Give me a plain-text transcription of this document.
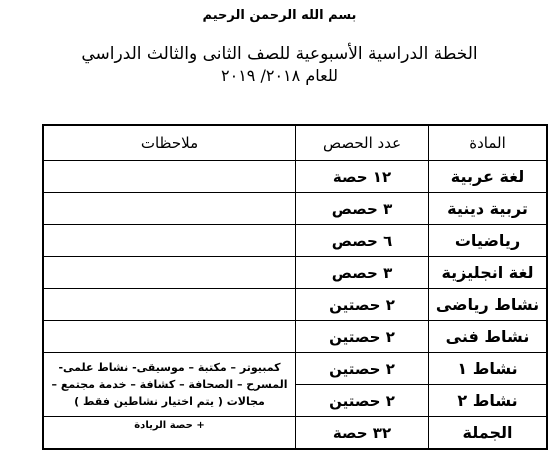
بسم الله الرحمن الرحيم
الخطة الدراسية الأسبوعية للصف الثانى والثالث الدراسي
للعام ٢٠١٨/ ٢٠١٩
المادة	عدد الحصص	ملاحظات
لغة عربية	١٢ حصة	
تربية دينية	٣ حصص	
رياضيات	٦ حصص	
لغة انجليزية	٣ حصص	
نشاط رياضى	٢ حصتين	
نشاط فنى	٢ حصتين	
نشاط ١	٢ حصتين	كمبيوتر – مكتبة – موسيقى- نشاط علمى-
المسرح – الصحافة – كشافة – خدمة مجتمع –
مجالات ( يتم اختيار نشاطين فقط )

نشاط ٢	٢ حصتين	
الجملة	٣٢ حصة	+ حصة الريادة
